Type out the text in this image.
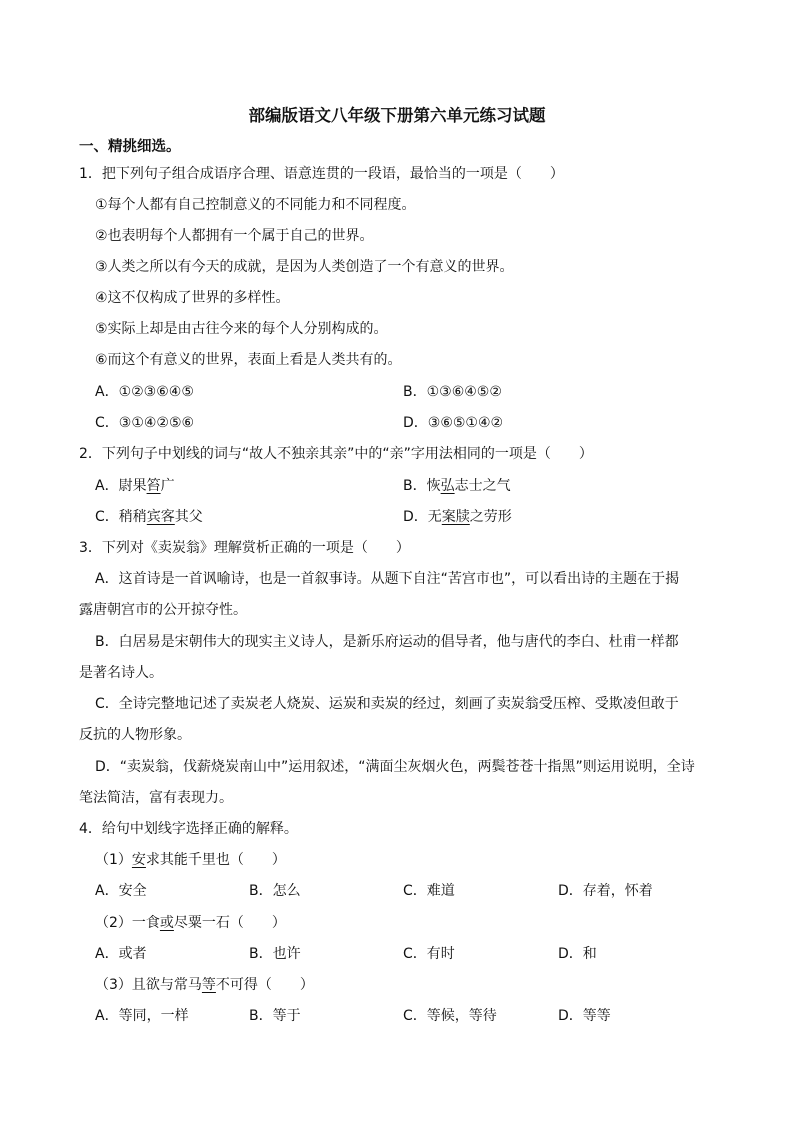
部编版语文八年级下册第六单元练习试题
一、精挑细选。
1．把下列句子组合成语序合理、语意连贯的一段语，最恰当的一项是（　　）
①每个人都有自己控制意义的不同能力和不同程度。
②也表明每个人都拥有一个属于自己的世界。
③人类之所以有今天的成就，是因为人类创造了一个有意义的世界。
④这不仅构成了世界的多样性。
⑤实际上却是由古往今来的每个人分别构成的。
⑥而这个有意义的世界，表面上看是人类共有的。
A．①②③⑥④⑤	B．①③⑥④⑤②
C．③①④②⑤⑥	D．③⑥⑤①④②
2．下列句子中划线的词与“故人不独亲其亲”中的“亲”字用法相同的一项是（　　）
A．尉果笞广	B．恢弘志士之气
C．稍稍宾客其父	D．无案牍之劳形
3．下列对《卖炭翁》理解赏析正确的一项是（　　）
A．这首诗是一首讽喻诗，也是一首叙事诗。从题下自注“苦宫市也”，可以看出诗的主题在于揭
露唐朝宫市的公开掠夺性。
B．白居易是宋朝伟大的现实主义诗人，是新乐府运动的倡导者，他与唐代的李白、杜甫一样都
是著名诗人。
C．全诗完整地记述了卖炭老人烧炭、运炭和卖炭的经过，刻画了卖炭翁受压榨、受欺凌但敢于
反抗的人物形象。
D．“卖炭翁，伐薪烧炭南山中”运用叙述，“满面尘灰烟火色，两鬓苍苍十指黑”则运用说明，全诗
笔法简洁，富有表现力。
4．给句中划线字选择正确的解释。
（1）安求其能千里也（　　）
A．安全	B．怎么	C．难道	D．存着，怀着
（2）一食或尽粟一石（　　）
A．或者	B．也许	C．有时	D．和
（3）且欲与常马等不可得（　　）
A．等同，一样	B．等于	C．等候，等待	D．等等
